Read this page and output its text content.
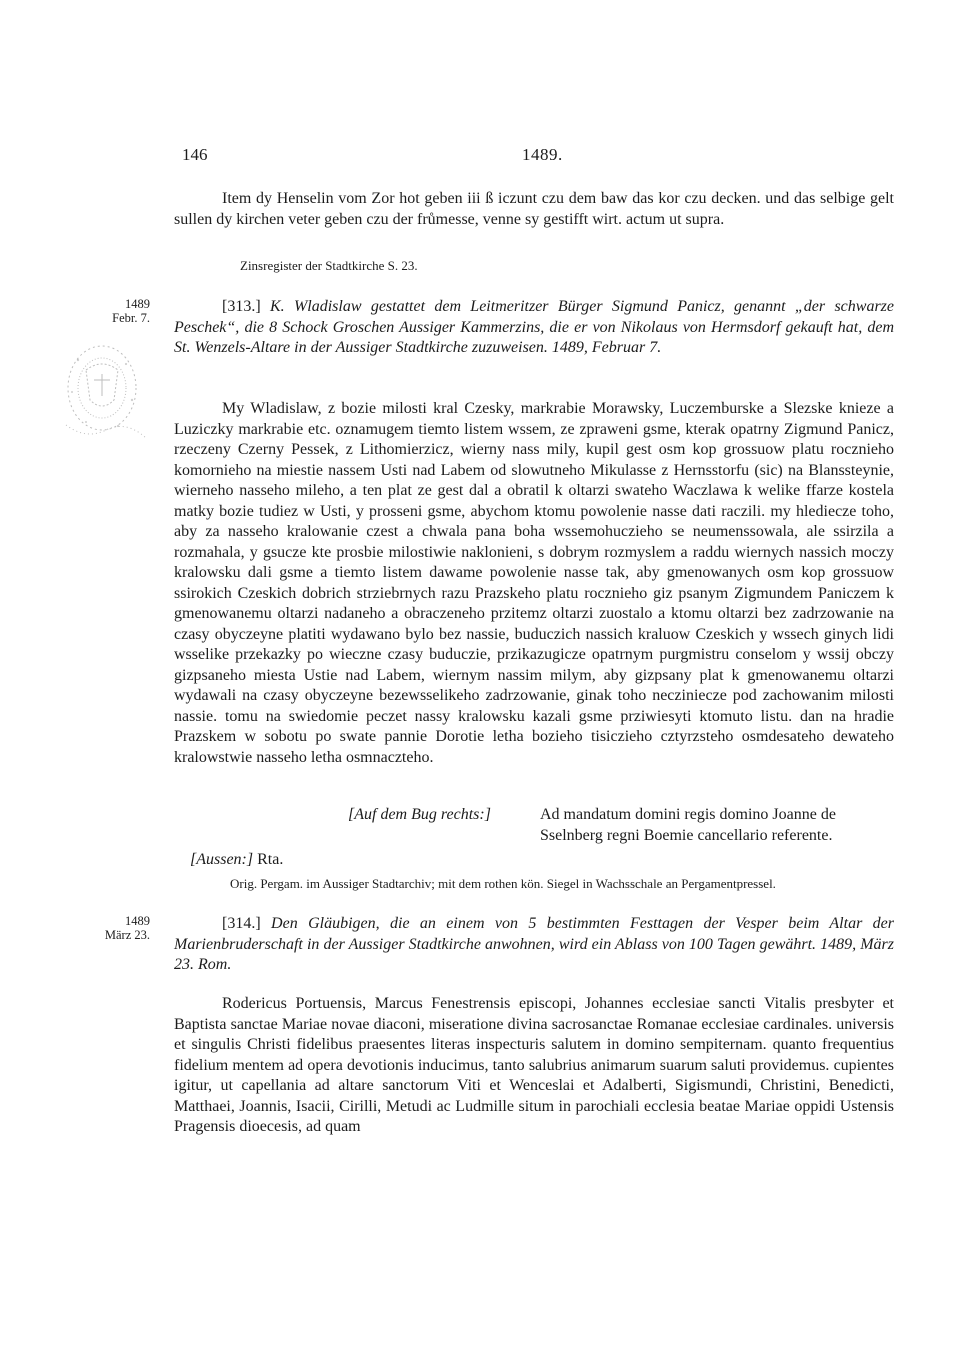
146	1489.

Item dy Henselin vom Zor hot geben iii ß iczunt czu dem baw das kor czu decken. und das selbige gelt sullen dy kirchen veter geben czu der frůmesse, venne sy gestifft wirt. actum ut supra.

Zinsregister der Stadtkirche S. 23.
1489
Febr. 7.

[313.] K. Wladislaw gestattet dem Leitmeritzer Bürger Sigmund Panicz, genannt „der schwarze Peschek“, die 8 Schock Groschen Aussiger Kammerzins, die er von Nikolaus von Hermsdorf gekauft hat, dem St. Wenzels-Altare in der Aussiger Stadtkirche zuzuweisen. 1489, Februar 7.

My Wladislaw, z bozie milosti kral Czesky, markrabie Morawsky, Luczemburske a Slezske knieze a Luziczky markrabie etc. oznamugem tiemto listem wssem, ze zpraweni gsme, kterak opatrny Zigmund Panicz, rzeczeny Czerny Pessek, z Lithomierzicz, wierny nass mily, kupil gest osm kop grossuow platu rocznieho komornieho na miestie nassem Usti nad Labem od slowutneho Mikulasse z Hernsstorfu (sic) na Blanssteynie, wierneho nasseho mileho, a ten plat ze gest dal a obratil k oltarzi swateho Waczlawa k welike ffarze kostela matky bozie tudiez w Usti, y prosseni gsme, abychom ktomu powolenie nasse dati raczili. my hlediecze toho, aby za nasseho kralowanie czest a chwala pana boha wssemohuczieho se neumenssowala, ale ssirzila a rozmahala, y gsucze kte prosbie milostiwie naklonieni, s dobrym rozmyslem a raddu wiernych nassich moczy kralowsku dali gsme a tiemto listem dawame powolenie nasse tak, aby gmenowanych osm kop grossuow ssirokich Czeskich dobrich strziebrnych razu Prazskeho platu rocznieho giz psanym Zigmundem Paniczem k gmenowanemu oltarzi nadaneho a obraczeneho przitemz oltarzi zuostalo a ktomu oltarzi bez zadrzowanie na czasy obyczeyne platiti wydawano bylo bez nassie, buduczich nassich kraluow Czeskich y wssech ginych lidi wsselike przekazky po wieczne czasy buduczie, przikazugicze opatrnym purgmistru conselom y wssij obczy gizpsaneho miesta Ustie nad Labem, wiernym nassim milym, aby gizpsany plat k gmenowanemu oltarzi wydawali na czasy obyczeyne bezewsselikeho zadrzowanie, ginak toho neczinieczе pod zachowanim milosti nassie. tomu na swiedomie peczet nassy kralowsku kazali gsme prziwiesyti ktomuto listu. dan na hradie Prazskem w sobotu po swate pannie Dorotie letha bozieho tisiczieho cztyrzsteho osmdesateho dewateho kralowstwie nasseho letha osmnaczteho.

[Auf dem Bug rechts:]	Ad mandatum domini regis domino Joanne de
Sselnberg regni Boemie cancellario referente.
[Aussen:] Rta.
Orig. Pergam. im Aussiger Stadtarchiv; mit dem rothen kön. Siegel in Wachsschale an Pergamentpressel.
1489
März 23.

[314.] Den Gläubigen, die an einem von 5 bestimmten Festtagen der Vesper beim Altar der Marienbruderschaft in der Aussiger Stadtkirche anwohnen, wird ein Ablass von 100 Tagen gewährt. 1489, März 23. Rom.

Rodericus Portuensis, Marcus Fenestrensis episcopi, Johannes ecclesiae sancti Vitalis presbyter et Baptista sanctae Mariae novae diaconi, miseratione divina sacrosanctae Romanae ecclesiae cardinales. universis et singulis Christi fidelibus praesentes literas inspecturis salutem in domino sempiternam. quanto frequentius fidelium mentem ad opera devotionis inducimus, tanto salubrius animarum suarum saluti providemus. cupientes igitur, ut capellania ad altare sanctorum Viti et Wenceslai et Adalberti, Sigismundi, Christini, Benedicti, Matthaei, Joannis, Isacii, Cirilli, Metudi ac Ludmille situm in parochiali ecclesia beatae Mariae oppidi Ustensis Pragensis dioecesis, ad quam
